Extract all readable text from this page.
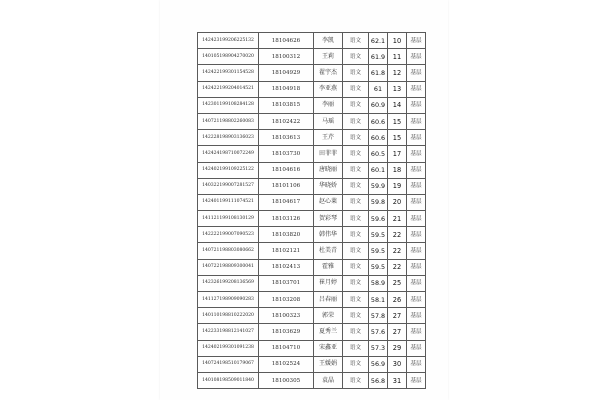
142423199206225132	18104626	李凯	语文	62.1	10	基层
140105198904270020	18100312	王莉	语文	61.9	11	基层
142422199301154528	18104929	翟宇杰	语文	61.8	12	基层
142422199204014521	18104918	李亚燕	语文	61	13	基层
142301199108284128	18103815	李丽	语文	60.9	14	基层
140721198802260083	18102422	马瑶	语文	60.6	15	基层
142228198903136023	18103613	王芹	语文	60.6	15	基层
142424198710072249	18103730	田菲菲	语文	60.5	17	基层
142402199109225122	18104616	唐晓丽	语文	60.1	18	基层
140322199007281527	18101106	华晓娇	语文	59.9	19	基层
142401199111074521	18104617	赵心莱	语文	59.8	20	基层
141121199108130129	18103126	贺彩琴	语文	59.6	21	基层
142222199007090523	18103820	韩伟华	语文	59.5	22	基层
140721198803080662	18102121	杜美青	语文	59.5	22	基层
140722198809300041	18102413	霍雅	语文	59.5	22	基层
142326199208136569	18103701	崔月婷	语文	58.9	25	基层
141127198909090283	18103208	吕春丽	语文	58.1	26	基层
140110198810222020	18100323	郭荣	语文	57.8	27	基层
142233198812141027	18103629	夏秀兰	语文	57.6	27	基层
142402199301091238	18104710	宋鑫亚	语文	57.3	29	基层
140724198510179067	18102524	王媛娟	语文	56.9	30	基层
140108198509011840	18100305	袁晶	语文	56.8	31	基层
